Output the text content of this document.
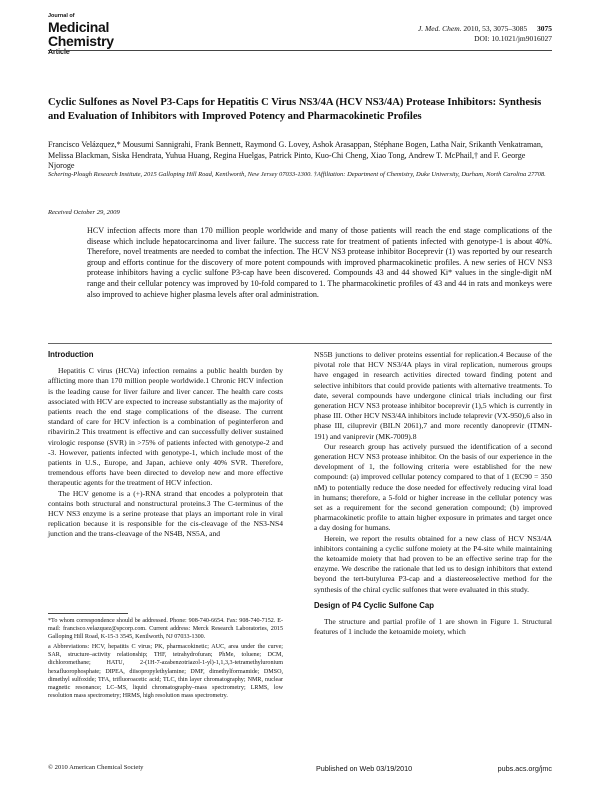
Journal of
Medicinal
Chemistry
Article
J. Med. Chem. 2010, 53, 3075–3085 3075
DOI: 10.1021/jm9016027
Cyclic Sulfones as Novel P3-Caps for Hepatitis C Virus NS3/4A (HCV NS3/4A) Protease Inhibitors: Synthesis and Evaluation of Inhibitors with Improved Potency and Pharmacokinetic Profiles
Francisco Velázquez,* Mousumi Sannigrahi, Frank Bennett, Raymond G. Lovey, Ashok Arasappan, Stéphane Bogen, Latha Nair, Srikanth Venkatraman, Melissa Blackman, Siska Hendrata, Yuhua Huang, Regina Huelgas, Patrick Pinto, Kuo-Chi Cheng, Xiao Tong, Andrew T. McPhail,† and F. George Njoroge
Schering-Plough Research Institute, 2015 Galloping Hill Road, Kenilworth, New Jersey 07033-1300. †Affiliation: Department of Chemistry, Duke University, Durham, North Carolina 27708.
Received October 29, 2009
HCV infection affects more than 170 million people worldwide and many of those patients will reach the end stage complications of the disease which include hepatocarcinoma and liver failure. The success rate for treatment of patients infected with genotype-1 is about 40%. Therefore, novel treatments are needed to combat the infection. The HCV NS3 protease inhibitor Boceprevir (1) was reported by our research group and efforts continue for the discovery of more potent compounds with improved pharmacokinetic profiles. A new series of HCV NS3 protease inhibitors having a cyclic sulfone P3-cap have been discovered. Compounds 43 and 44 showed Ki* values in the single-digit nM range and their cellular potency was improved by 10-fold compared to 1. The pharmacokinetic profiles of 43 and 44 in rats and monkeys were also improved to achieve higher plasma levels after oral administration.
Introduction

Hepatitis C virus (HCVa) infection remains a public health burden by afflicting more than 170 million people worldwide.1 Chronic HCV infection is the leading cause for liver failure and liver cancer. The health care costs associated with HCV are expected to increase substantially as the majority of patients reach the end stage complications of the disease. The current standard of care for HCV infection is a combination of peginterferon and ribavirin.2 This treatment is effective and can successfully deliver sustained virologic response (SVR) in >75% of patients infected with genotype-2 and -3. However, patients infected with genotype-1, which include most of the patients in U.S., Europe, and Japan, achieve only 40% SVR. Therefore, tremendous efforts have been directed to develop new and more effective therapeutic agents for the treatment of HCV infection.

The HCV genome is a (+)-RNA strand that encodes a polyprotein that contains both structural and nonstructural proteins.3 The C-terminus of the HCV NS3 enzyme is a serine protease that plays an important role in viral replication because it is responsible for the cis-cleavage of the NS3-NS4 junction and the trans-cleavage of the NS4B, NS5A, and

*To whom correspondence should be addressed. Phone: 908-740-6654. Fax: 908-740-7152. E-mail: francisco.velazquez@spcorp.com. Current address: Merck Research Laboratories, 2015 Galloping Hill Road, K-15-3 3545, Kenilworth, NJ 07033-1300.

a Abbreviations: HCV, hepatitis C virus; PK, pharmacokinetic; AUC, area under the curve; SAR, structure–activity relationship; THF, tetrahydrofuran; PhMe, toluene; DCM, dichloromethane; HATU, 2-(1H-7-azabenzotriazol-1-yl)-1,1,3,3-tetramethyluronium hexafluorophosphate; DIPEA, diisopropylethylamine; DMF, dimethylformamide; DMSO, dimethyl sulfoxide; TFA, trifluoroacetic acid; TLC, thin layer chromatography; NMR, nuclear magnetic resonance; LC–MS, liquid chromatography–mass spectrometry; LRMS, low resolution mass spectrometry; HRMS, high resolution mass spectrometry.

NS5B junctions to deliver proteins essential for replication.4 Because of the pivotal role that HCV NS3/4A plays in viral replication, numerous groups have engaged in research activities directed toward finding potent and selective inhibitors that could provide patients with alternative treatments. To date, several compounds have undergone clinical trials including our first generation HCV NS3 protease inhibitor boceprevir (1),5 which is currently in phase III. Other HCV NS3/4A inhibitors include telaprevir (VX-950),6 also in phase III, ciluprevir (BILN 2061),7 and more recently danoprevir (ITMN-191) and vaniprevir (MK-7009).8

Our research group has actively pursued the identification of a second generation HCV NS3 protease inhibitor. On the basis of our experience in the development of 1, the following criteria were established for the new compound: (a) improved cellular potency compared to that of 1 (EC90 = 350 nM) to potentially reduce the dose needed for effectively reducing viral load in humans; therefore, a 5-fold or higher increase in the cellular potency was set as a requirement for the second generation compound; (b) improved pharmacokinetic profile to attain higher exposure in primates and target once a day dosing for humans.

Herein, we report the results obtained for a new class of HCV NS3/4A inhibitors containing a cyclic sulfone moiety at the P4-site while maintaining the ketoamide moiety that had proven to be an effective serine trap for the enzyme. We describe the rationale that led us to design inhibitors that extend beyond the tert-butylurea P3-cap and a diastereoselective method for the synthesis of the chiral cyclic sulfones that were evaluated in this study.

Design of P4 Cyclic Sulfone Cap

The structure and partial profile of 1 are shown in Figure 1. Structural features of 1 include the ketoamide moiety, which

© 2010 American Chemical Society	Published on Web 03/19/2010	pubs.acs.org/jmc
